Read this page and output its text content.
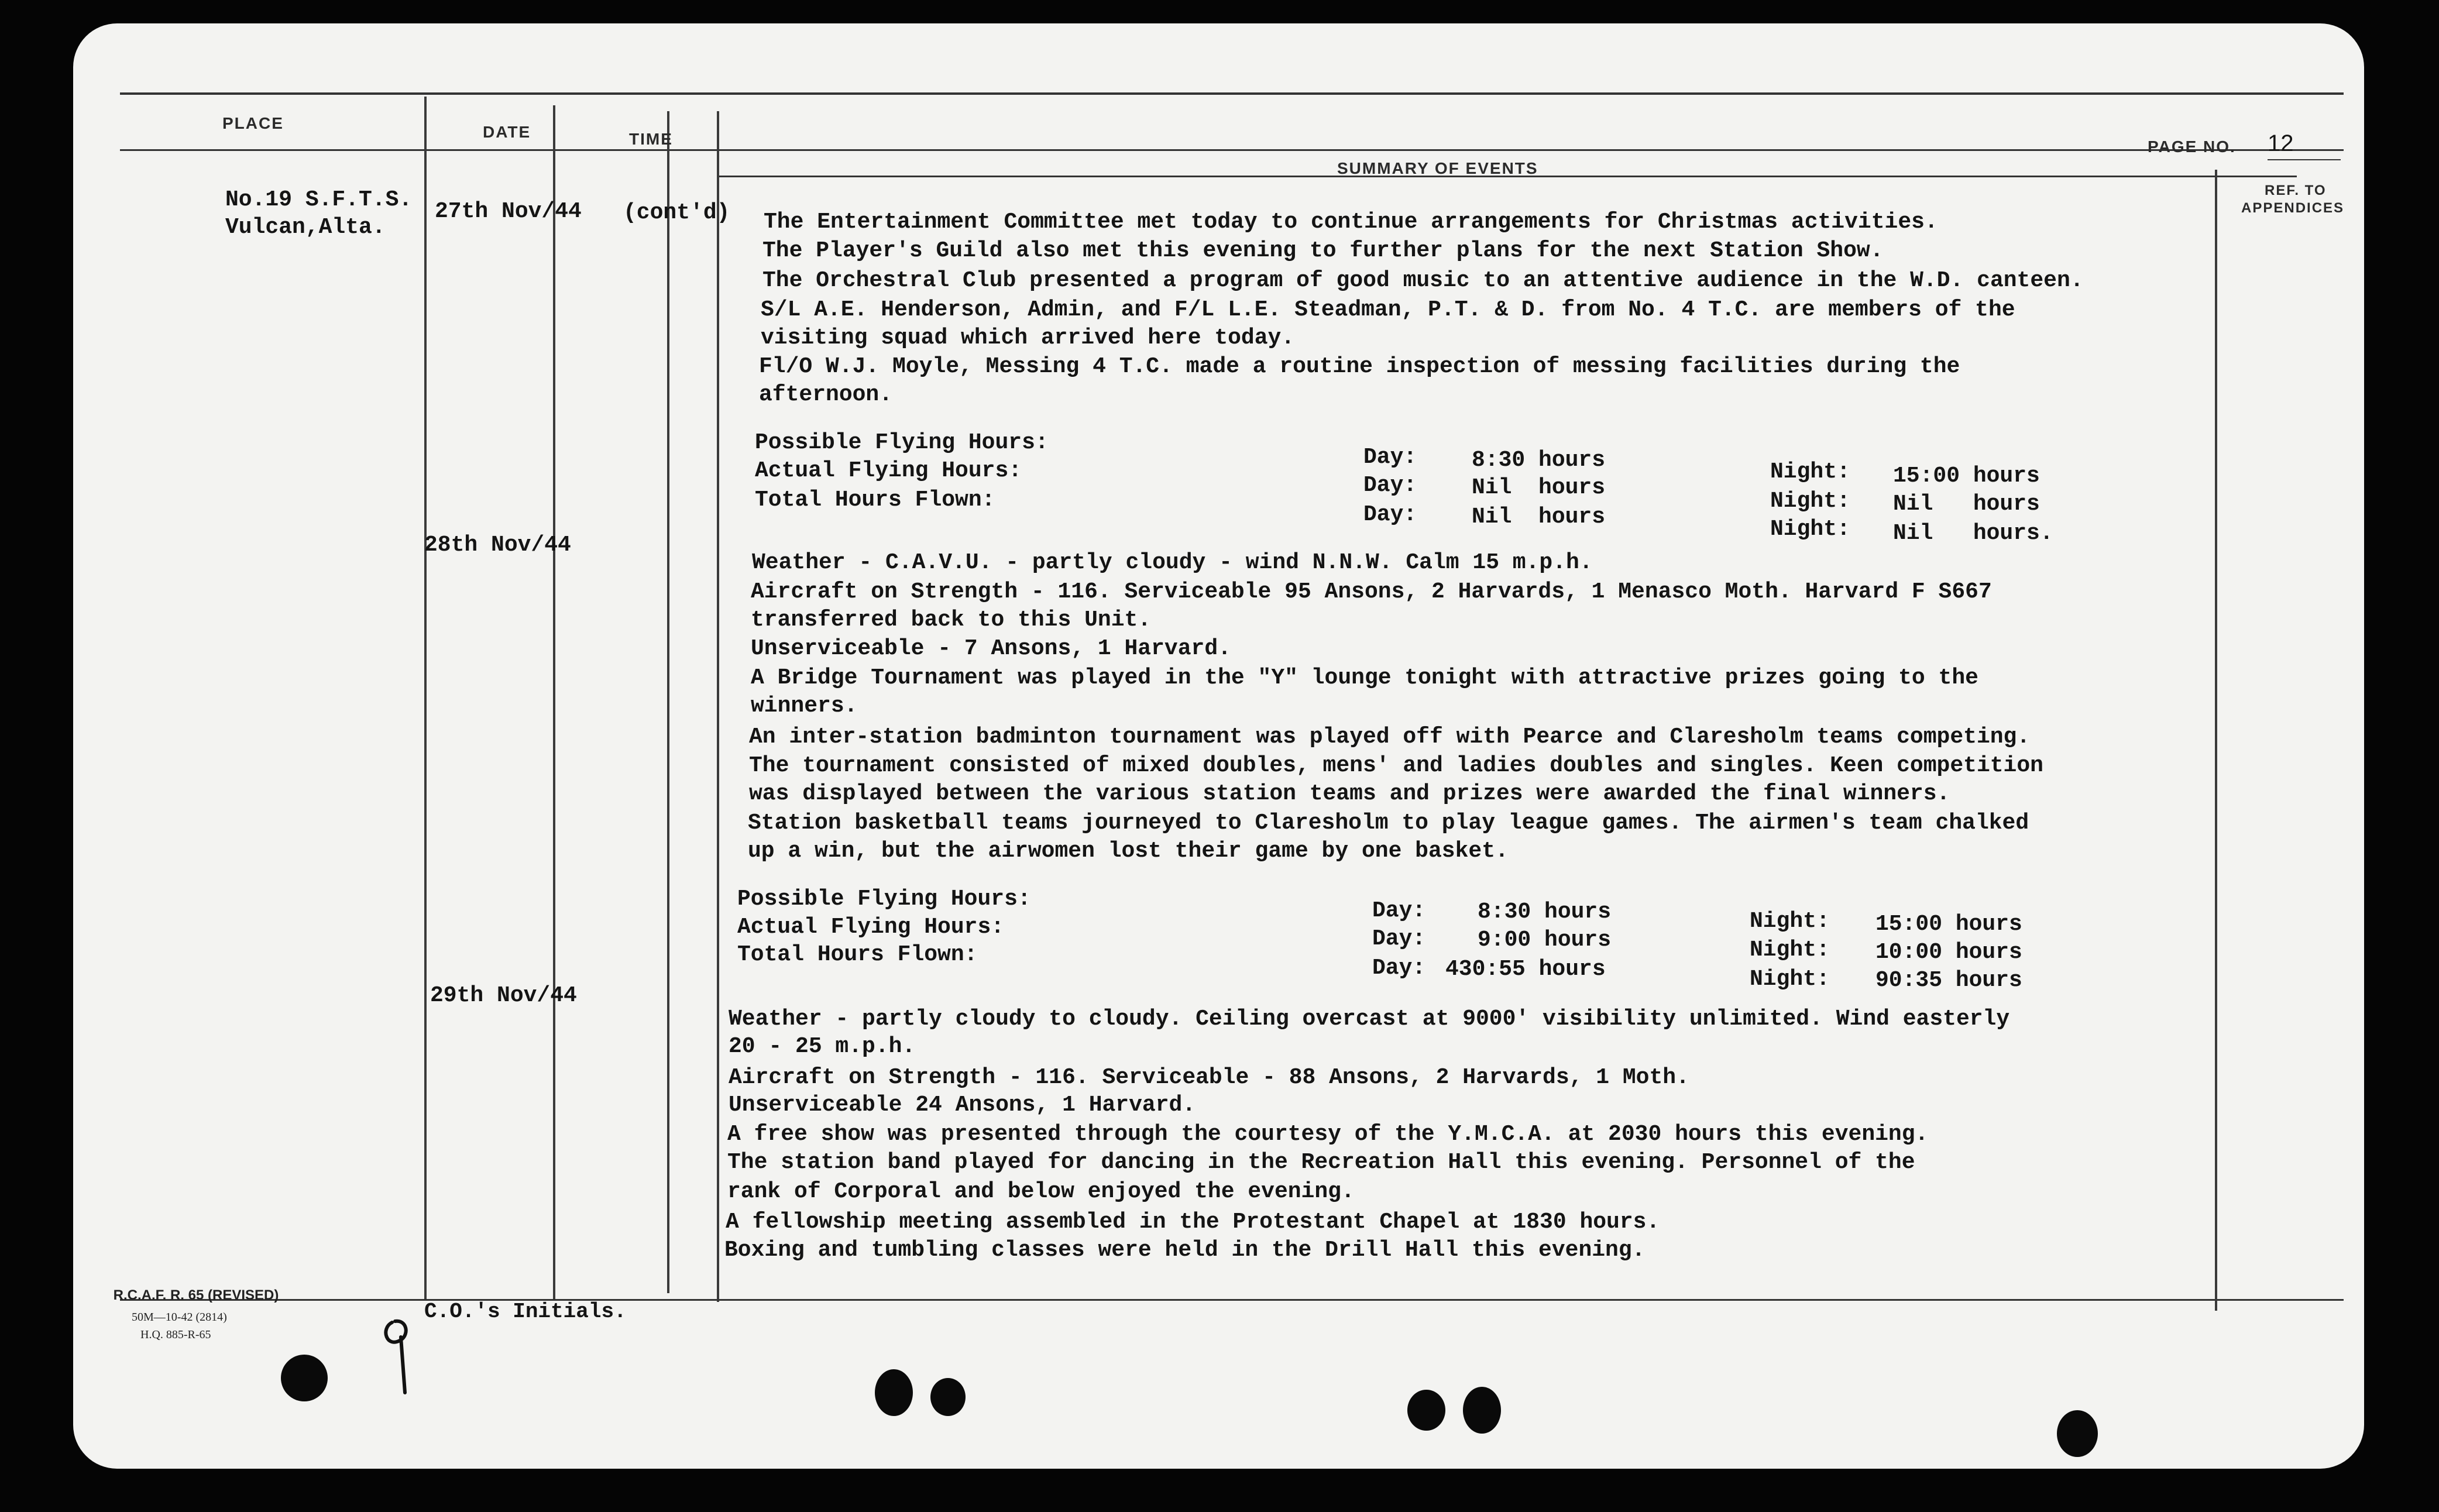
PLACE	DATE	TIME
SUMMARY OF EVENTS
PAGE NO. 12
REF. TO
APPENDICES
No.19 S.F.T.S.
Vulcan,Alta.
27th Nov/44
28th Nov/44
29th Nov/44
(cont'd) The Entertainment Committee met today to continue arrangements for Christmas activities.
The Player's Guild also met this evening to further plans for the next Station Show.
The Orchestral Club presented a program of good music to an attentive audience in the W.D. canteen.
S/L A.E. Henderson, Admin, and F/L L.E. Steadman, P.T. & D. from No. 4 T.C. are members of the
visiting squad which arrived here today.
Fl/O W.J. Moyle, Messing 4 T.C. made a routine inspection of messing facilities during the
afternoon.
Possible Flying Hours:
Actual Flying Hours:
Total Hours Flown:
Day:
Day:
Day:
8:30 hours
Nil  hours
Nil  hours
Night:
Night:
Night:
15:00 hours
Nil   hours
Nil   hours.
Weather - C.A.V.U. - partly cloudy - wind N.N.W. Calm 15 m.p.h.
Aircraft on Strength - 116. Serviceable 95 Ansons, 2 Harvards, 1 Menasco Moth. Harvard F S667
transferred back to this Unit.
Unserviceable - 7 Ansons, 1 Harvard.
A Bridge Tournament was played in the "Y" lounge tonight with attractive prizes going to the
winners.
An inter-station badminton tournament was played off with Pearce and Claresholm teams competing.
The tournament consisted of mixed doubles, mens' and ladies doubles and singles. Keen competition
was displayed between the various station teams and prizes were awarded the final winners.
Station basketball teams journeyed to Claresholm to play league games. The airmen's team chalked
up a win, but the airwomen lost their game by one basket.
Possible Flying Hours:
Actual Flying Hours:
Total Hours Flown:
Day:
Day:
Day:
8:30 hours
9:00 hours
430:55 hours
Night:
Night:
Night:
15:00 hours
10:00 hours
90:35 hours
Weather - partly cloudy to cloudy. Ceiling overcast at 9000' visibility unlimited. Wind easterly
20 - 25 m.p.h.
Aircraft on Strength - 116. Serviceable - 88 Ansons, 2 Harvards, 1 Moth.
Unserviceable 24 Ansons, 1 Harvard.
A free show was presented through the courtesy of the Y.M.C.A. at 2030 hours this evening.
The station band played for dancing in the Recreation Hall this evening. Personnel of the
rank of Corporal and below enjoyed the evening.
A fellowship meeting assembled in the Protestant Chapel at 1830 hours.
Boxing and tumbling classes were held in the Drill Hall this evening.
R.C.A.F. R. 65 (REVISED)
50M—10-42 (2814)
H.Q. 885-R-65
C.O.'s Initials.
